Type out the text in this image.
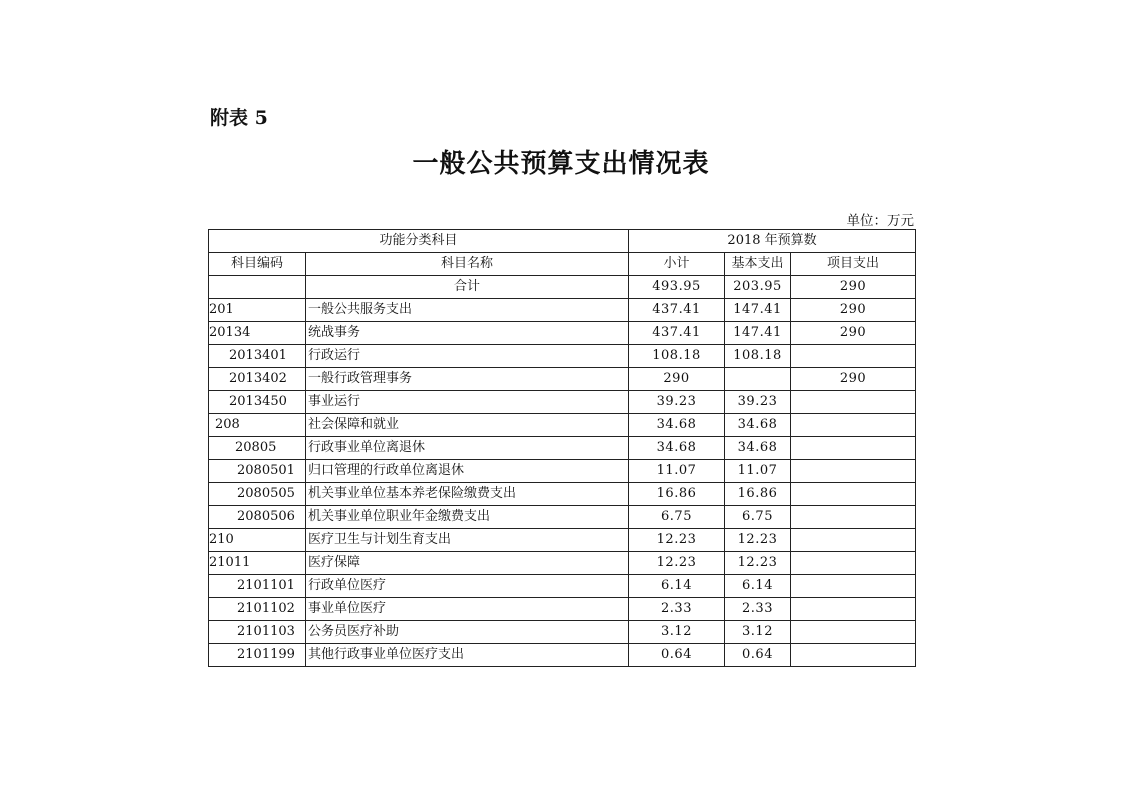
附表 5
一般公共预算支出情况表
单位：万元
功能分类科目		2018 年预算数		
科目编码	科目名称	小计	基本支出	项目支出
	合计	493.95	203.95	290
201	一般公共服务支出	437.41	147.41	290
20134	统战事务	437.41	147.41	290
2013401	行政运行	108.18	108.18	
2013402	一般行政管理事务	290		290
2013450	事业运行	39.23	39.23	
208	社会保障和就业	34.68	34.68	
20805	行政事业单位离退休	34.68	34.68	
2080501	归口管理的行政单位离退休	11.07	11.07	
2080505	机关事业单位基本养老保险缴费支出	16.86	16.86	
2080506	机关事业单位职业年金缴费支出	6.75	6.75	
210	医疗卫生与计划生育支出	12.23	12.23	
21011	医疗保障	12.23	12.23	
2101101	行政单位医疗	6.14	6.14	
2101102	事业单位医疗	2.33	2.33	
2101103	公务员医疗补助	3.12	3.12	
2101199	其他行政事业单位医疗支出	0.64	0.64	
